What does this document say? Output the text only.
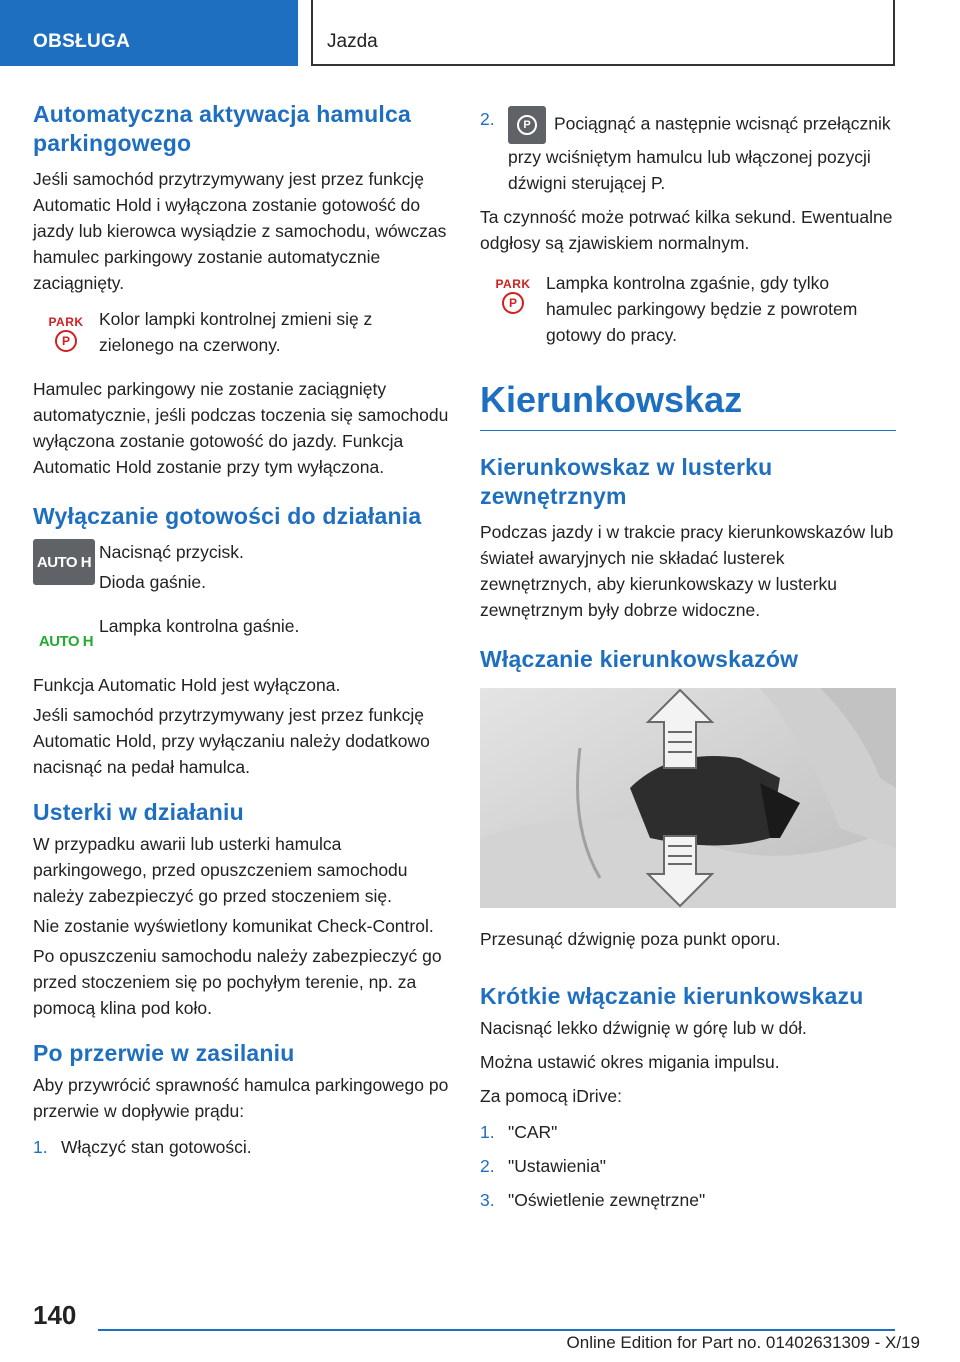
OBSŁUGA	Jazda
Automatyczna aktywacja hamulca parkingowego

Jeśli samochód przytrzymywany jest przez funkcję Automatic Hold i wyłączona zostanie gotowość do jazdy lub kierowca wysiądzie z samochodu, wówczas hamulec parkingowy zostanie automatycznie zaciągnięty.

PARK
P

Kolor lampki kontrolnej zmieni się z zielonego na czerwony.

Hamulec parkingowy nie zostanie zaciągnięty automatycznie, jeśli podczas toczenia się samochodu wyłączona zostanie gotowość do jazdy. Funkcja Automatic Hold zostanie przy tym wyłączona.

Wyłączanie gotowości do działania
AUTO H Nacisnąć przycisk.

Dioda gaśnie.

AUTO H

Lampka kontrolna gaśnie.

Funkcja Automatic Hold jest wyłączona.

Jeśli samochód przytrzymywany jest przez funkcję Automatic Hold, przy wyłączaniu należy dodatkowo nacisnąć na pedał hamulca.

Usterki w działaniu

W przypadku awarii lub usterki hamulca parkingowego, przed opuszczeniem samochodu należy zabezpieczyć go przed stoczeniem się.

Nie zostanie wyświetlony komunikat Check-Control.

Po opuszczeniu samochodu należy zabezpieczyć go przed stoczeniem się po pochyłym terenie, np. za pomocą klina pod koło.

Po przerwie w zasilaniu

Aby przywrócić sprawność hamulca parkingowego po przerwie w dopływie prądu:

1. Włączyć stan gotowości.

2.	P	Pociągnąć a następnie wcisnąć przełącznik przy wciśniętym hamulcu lub włączonej pozycji dźwigni sterującej P.

Ta czynność może potrwać kilka sekund. Ewentualne odgłosy są zjawiskiem normalnym.

PARK
P

Lampka kontrolna zgaśnie, gdy tylko hamulec parkingowy będzie z powrotem gotowy do pracy.

Kierunkowskaz
Kierunkowskaz w lusterku zewnętrznym

Podczas jazdy i w trakcie pracy kierunkowskazów lub świateł awaryjnych nie składać lusterek zewnętrznych, aby kierunkowskazy w lusterku zewnętrznym były dobrze widoczne.

Włączanie kierunkowskazów

Przesunąć dźwignię poza punkt oporu.

Krótkie włączanie kierunkowskazu

Nacisnąć lekko dźwignię w górę lub w dół.

Można ustawić okres migania impulsu.

Za pomocą iDrive:

1. "CAR"

2. "Ustawienia"

3. "Oświetlenie zewnętrzne"

140
Online Edition for Part no. 01402631309 - X/19
